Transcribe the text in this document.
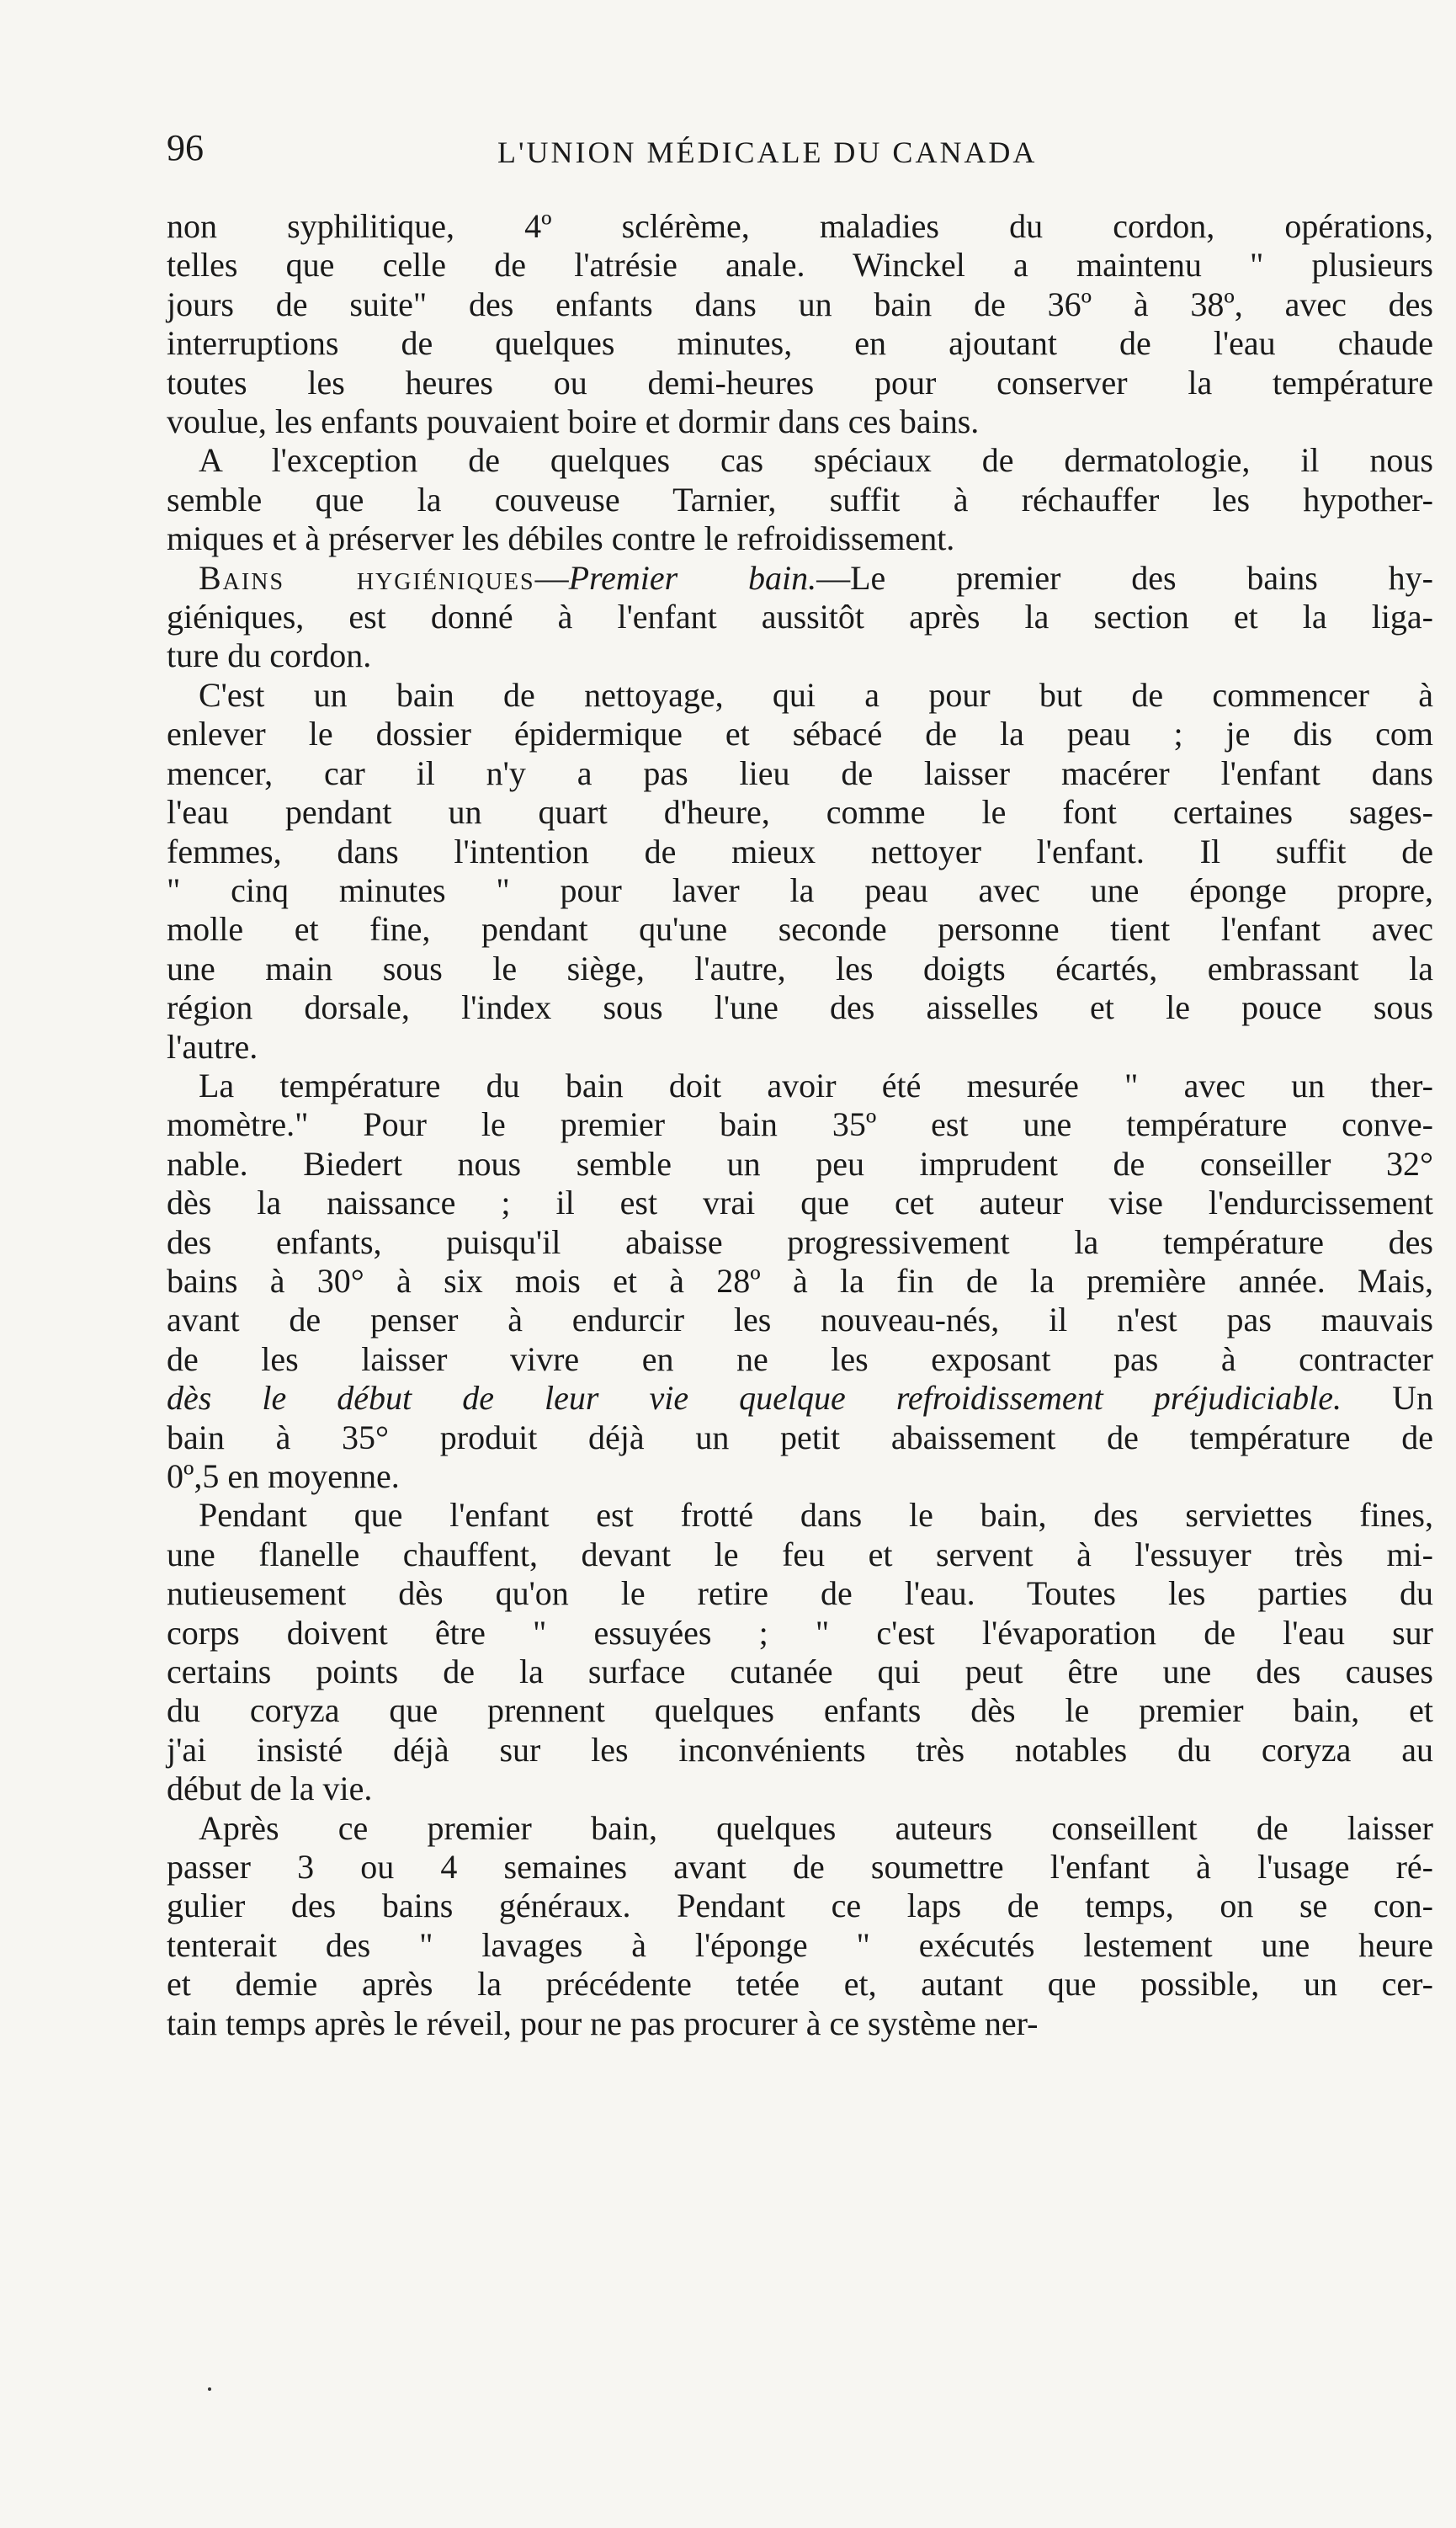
96	L'UNION MÉDICALE DU CANADA
non syphilitique, 4º sclérème, maladies du cordon, opérations,
telles que celle de l'atrésie anale. Winckel a maintenu " plusieurs
jours de suite" des enfants dans un bain de 36º à 38º, avec des
interruptions de quelques minutes, en ajoutant de l'eau chaude
toutes les heures ou demi-heures pour conserver la température
voulue, les enfants pouvaient boire et dormir dans ces bains.
A l'exception de quelques cas spéciaux de dermatologie, il nous
semble que la couveuse Tarnier, suffit à réchauffer les hypother-
miques et à préserver les débiles contre le refroidissement.
Bains hygiéniques—Premier bain.—Le premier des bains hy-
giéniques, est donné à l'enfant aussitôt après la section et la liga-
ture du cordon.
C'est un bain de nettoyage, qui a pour but de commencer à
enlever le dossier épidermique et sébacé de la peau ; je dis com
mencer, car il n'y a pas lieu de laisser macérer l'enfant dans
l'eau pendant un quart d'heure, comme le font certaines sages-
femmes, dans l'intention de mieux nettoyer l'enfant. Il suffit de
" cinq minutes " pour laver la peau avec une éponge propre,
molle et fine, pendant qu'une seconde personne tient l'enfant avec
une main sous le siège, l'autre, les doigts écartés, embrassant la
région dorsale, l'index sous l'une des aisselles et le pouce sous
l'autre.
La température du bain doit avoir été mesurée " avec un ther-
momètre." Pour le premier bain 35º est une température conve-
nable. Biedert nous semble un peu imprudent de conseiller 32°
dès la naissance ; il est vrai que cet auteur vise l'endurcissement
des enfants, puisqu'il abaisse progressivement la température des
bains à 30° à six mois et à 28º à la fin de la première année. Mais,
avant de penser à endurcir les nouveau-nés, il n'est pas mauvais
de les laisser vivre en ne les exposant pas à contracter
dès le début de leur vie quelque refroidissement préjudiciable. Un
bain à 35° produit déjà un petit abaissement de température de
0º,5 en moyenne.
Pendant que l'enfant est frotté dans le bain, des serviettes fines,
une flanelle chauffent, devant le feu et servent à l'essuyer très mi-
nutieusement dès qu'on le retire de l'eau. Toutes les parties du
corps doivent être " essuyées ; " c'est l'évaporation de l'eau sur
certains points de la surface cutanée qui peut être une des causes
du coryza que prennent quelques enfants dès le premier bain, et
j'ai insisté déjà sur les inconvénients très notables du coryza au
début de la vie.
Après ce premier bain, quelques auteurs conseillent de laisser
passer 3 ou 4 semaines avant de soumettre l'enfant à l'usage ré-
gulier des bains généraux. Pendant ce laps de temps, on se con-
tenterait des " lavages à l'éponge " exécutés lestement une heure
et demie après la précédente tetée et, autant que possible, un cer-
tain temps après le réveil, pour ne pas procurer à ce système ner-
